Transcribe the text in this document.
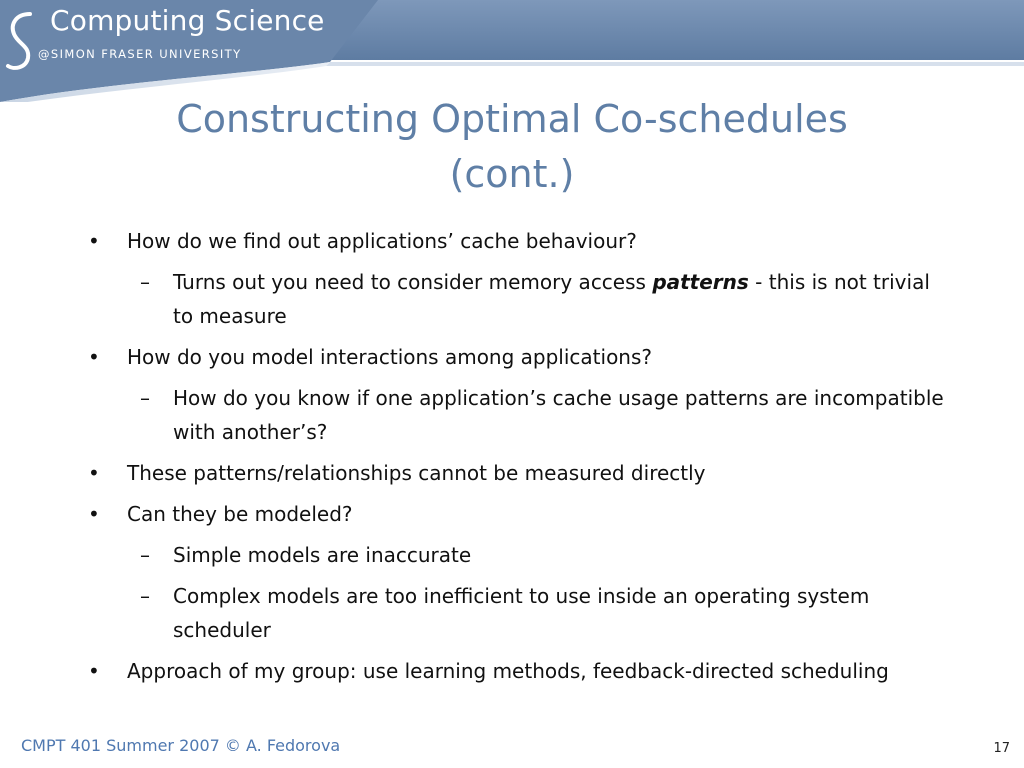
Computing Science
@SIMON FRASER UNIVERSITY
Constructing Optimal Co-schedules
(cont.)
• How do we find out applications’ cache behaviour?
– Turns out you need to consider memory access patterns - this is not trivial to measure
• How do you model interactions among applications?
– How do you know if one application’s cache usage patterns are incompatible with another’s?
• These patterns/relationships cannot be measured directly
• Can they be modeled?
– Simple models are inaccurate
– Complex models are too inefficient to use inside an operating system scheduler
• Approach of my group: use learning methods, feedback-directed scheduling
CMPT 401 Summer 2007 © A. Fedorova	17
